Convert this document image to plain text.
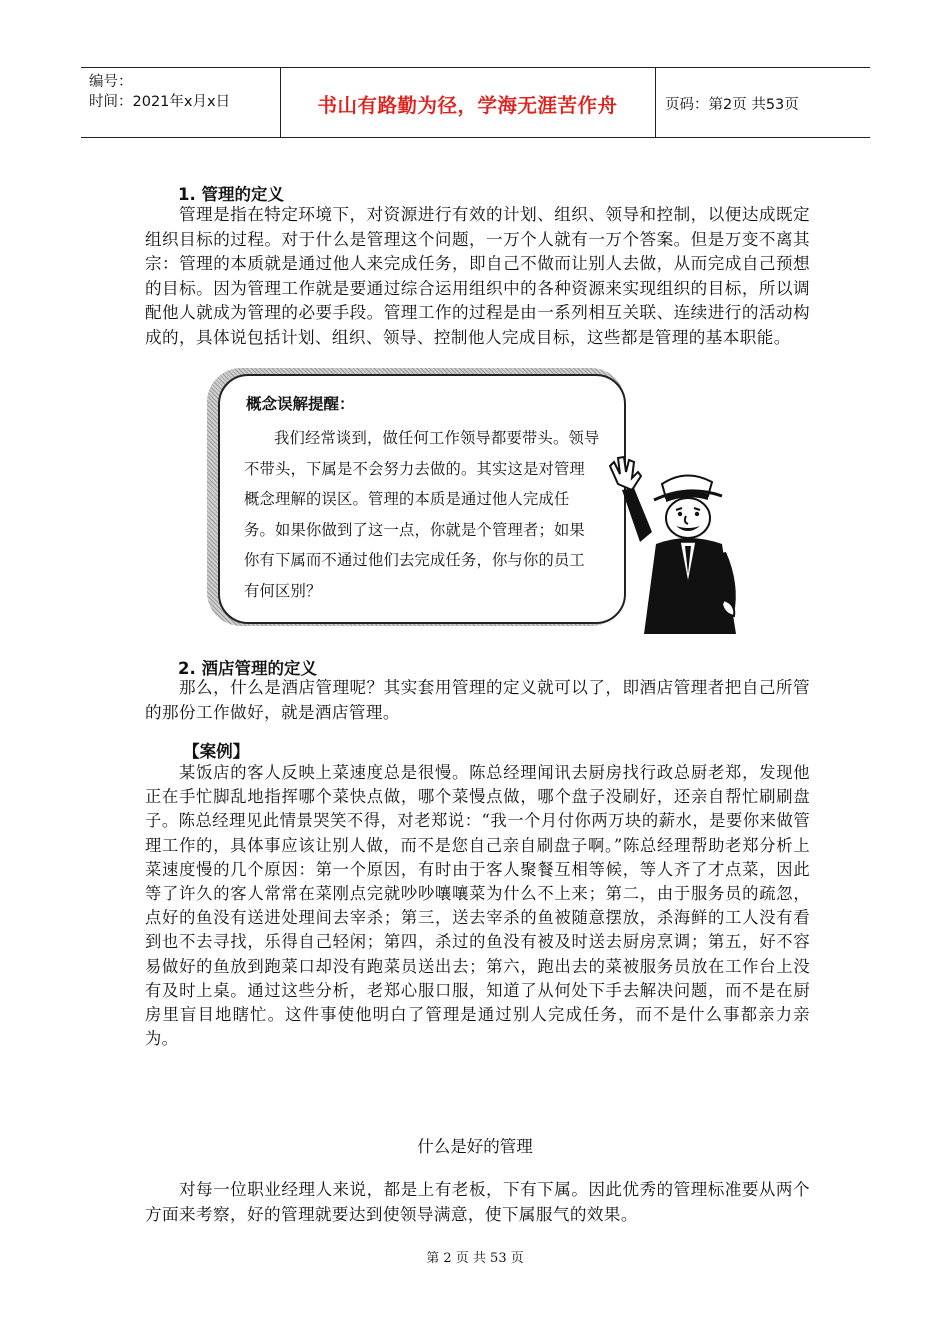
编号：
时间：2021年x月x日	书山有路勤为径，学海无涯苦作舟	页码：第2页 共53页
1. 管理的定义
管理是指在特定环境下，对资源进行有效的计划、组织、领导和控制，以便达成既定组织目标的过程。对于什么是管理这个问题，一万个人就有一万个答案。但是万变不离其宗：管理的本质就是通过他人来完成任务，即自己不做而让别人去做，从而完成自己预想的目标。因为管理工作就是要通过综合运用组织中的各种资源来实现组织的目标，所以调配他人就成为管理的必要手段。管理工作的过程是由一系列相互关联、连续进行的活动构成的，具体说包括计划、组织、领导、控制他人完成目标，这些都是管理的基本职能。
概念误解提醒：
我们经常谈到，做任何工作领导都要带头。领导不带头，下属是不会努力去做的。其实这是对管理概念理解的误区。管理的本质是通过他人完成任务。如果你做到了这一点，你就是个管理者；如果你有下属而不通过他们去完成任务，你与你的员工有何区别？
2. 酒店管理的定义
那么，什么是酒店管理呢？其实套用管理的定义就可以了，即酒店管理者把自己所管的那份工作做好，就是酒店管理。
【案例】
某饭店的客人反映上菜速度总是很慢。陈总经理闻讯去厨房找行政总厨老郑，发现他正在手忙脚乱地指挥哪个菜快点做，哪个菜慢点做，哪个盘子没刷好，还亲自帮忙刷刷盘子。陈总经理见此情景哭笑不得，对老郑说：“我一个月付你两万块的薪水，是要你来做管理工作的，具体事应该让别人做，而不是您自己亲自刷盘子啊。”陈总经理帮助老郑分析上菜速度慢的几个原因：第一个原因，有时由于客人聚餐互相等候，等人齐了才点菜，因此等了许久的客人常常在菜刚点完就吵吵嚷嚷菜为什么不上来；第二，由于服务员的疏忽，点好的鱼没有送进处理间去宰杀；第三，送去宰杀的鱼被随意摆放，杀海鲜的工人没有看到也不去寻找，乐得自己轻闲；第四，杀过的鱼没有被及时送去厨房烹调；第五，好不容易做好的鱼放到跑菜口却没有跑菜员送出去；第六，跑出去的菜被服务员放在工作台上没有及时上桌。通过这些分析，老郑心服口服，知道了从何处下手去解决问题，而不是在厨房里盲目地瞎忙。这件事使他明白了管理是通过别人完成任务，而不是什么事都亲力亲为。
什么是好的管理
对每一位职业经理人来说，都是上有老板，下有下属。因此优秀的管理标准要从两个方面来考察，好的管理就要达到使领导满意，使下属服气的效果。
第 2 页 共 53 页
